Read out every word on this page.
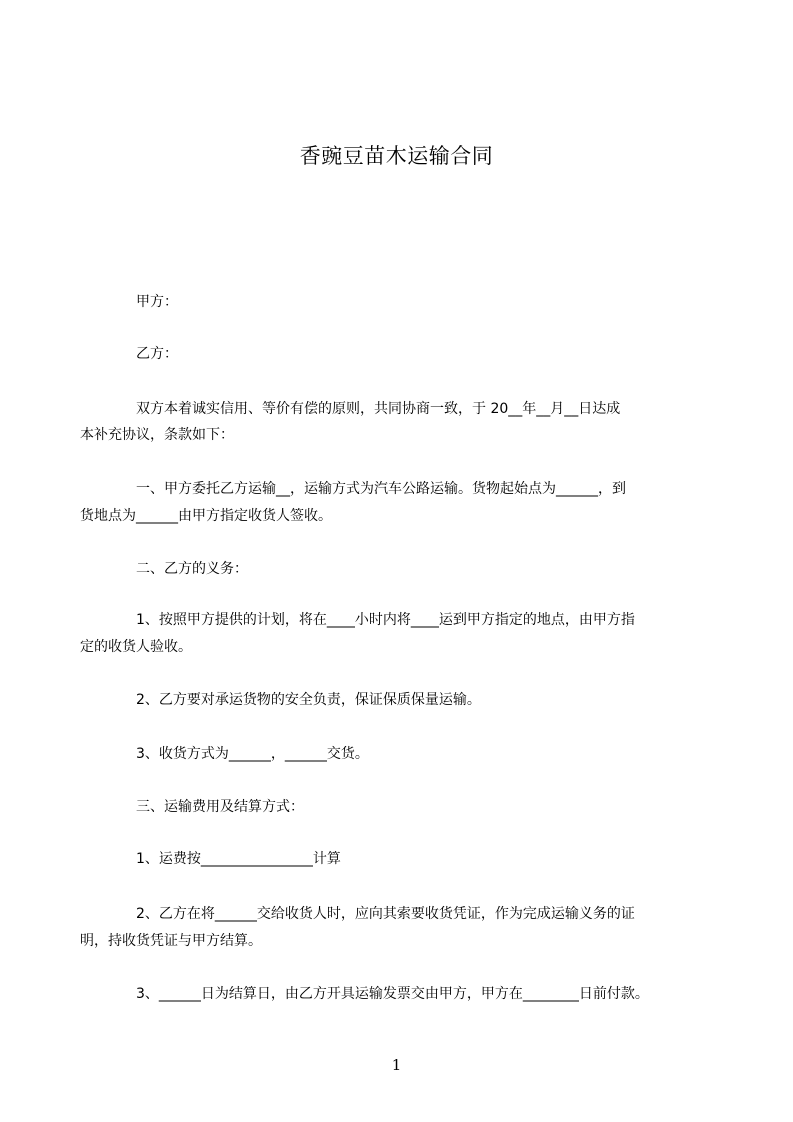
香豌豆苗木运输合同

甲方：

乙方：

双方本着诚实信用、等价有偿的原则，共同协商一致，于 20__年__月__日达成

本补充协议，条款如下：

一、甲方委托乙方运输__，运输方式为汽车公路运输。货物起始点为______，到

货地点为______由甲方指定收货人签收。

二、乙方的义务：

1、按照甲方提供的计划，将在____小时内将____运到甲方指定的地点，由甲方指

定的收货人验收。

2、乙方要对承运货物的安全负责，保证保质保量运输。

3、收货方式为______，______交货。

三、运输费用及结算方式：

1、运费按________________计算

2、乙方在将______交给收货人时，应向其索要收货凭证，作为完成运输义务的证

明，持收货凭证与甲方结算。

3、______日为结算日，由乙方开具运输发票交由甲方，甲方在________日前付款。

1
